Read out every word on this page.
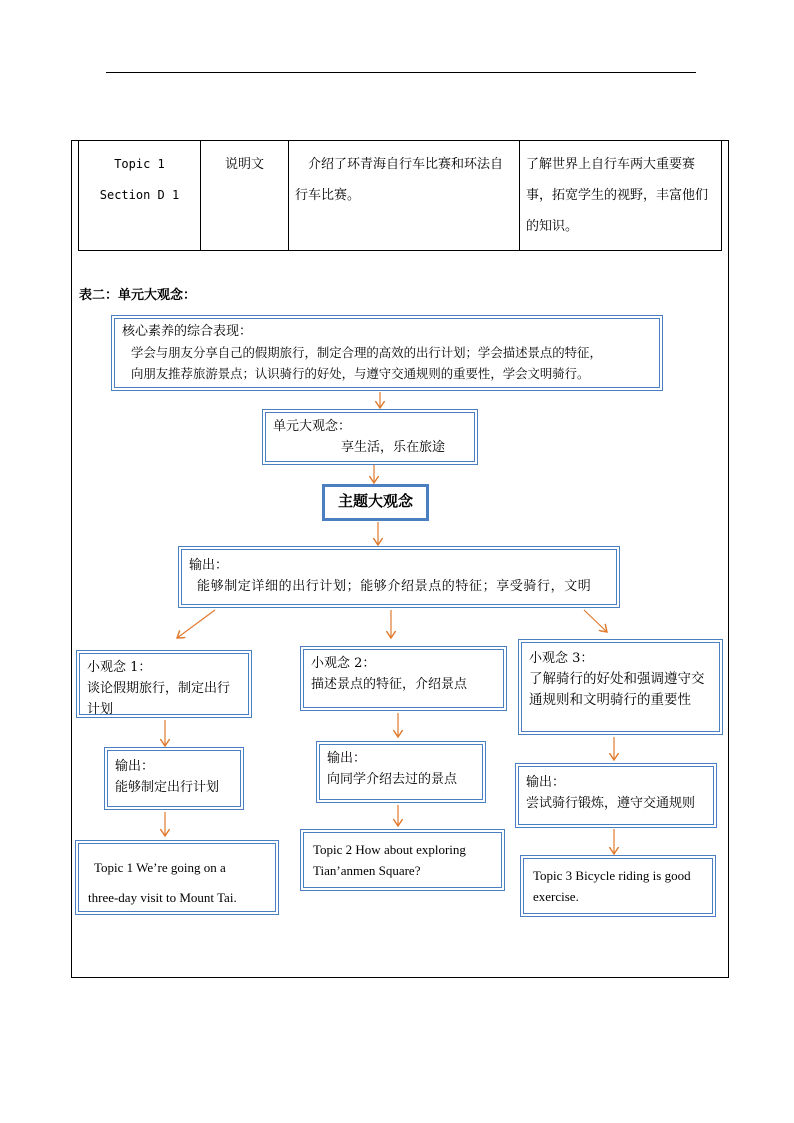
Topic 1
Section D 1	说明文	介绍了环青海自行车比赛和环法自行车比赛。	了解世界上自行车两大重要赛事，拓宽学生的视野，丰富他们的知识。
表二：单元大观念：
核心素养的综合表现：
学会与朋友分享自己的假期旅行，制定合理的高效的出行计划；学会描述景点的特征，
向朋友推荐旅游景点；认识骑行的好处，与遵守交通规则的重要性，学会文明骑行。
单元大观念：
享生活，乐在旅途
主题大观念
输出：
能够制定详细的出行计划；能够介绍景点的特征；享受骑行，文明
小观念 1：
谈论假期旅行，制定出行计划
输出：
能够制定出行计划
Topic 1 We’re going on a
three-day visit to Mount Tai.
小观念 2：
描述景点的特征，介绍景点
输出：
向同学介绍去过的景点
Topic 2 How about exploring
Tian’anmen Square?
小观念 3：
了解骑行的好处和强调遵守交通规则和文明骑行的重要性
输出：
尝试骑行锻炼，遵守交通规则
Topic 3 Bicycle riding is good
exercise.
